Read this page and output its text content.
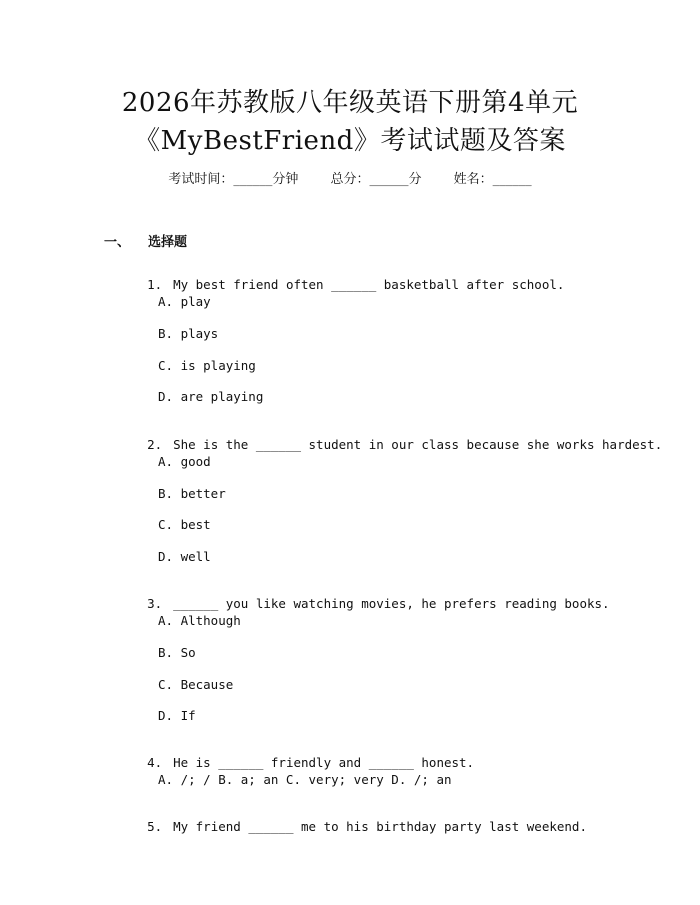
2026年苏教版八年级英语下册第4单元
《MyBestFriend》考试试题及答案
考试时间：______分钟 总分：______分 姓名：______
一、 选择题

1. My best friend often ______ basketball after school.

A. play
B. plays
C. is playing
D. are playing

2. She is the ______ student in our class because she works hardest.

A. good
B. better
C. best
D. well

3. ______ you like watching movies, he prefers reading books.

A. Although
B. So
C. Because
D. If

4. He is ______ friendly and ______ honest.

A. /; / B. a; an C. very; very D. /; an

5. My friend ______ me to his birthday party last weekend.
